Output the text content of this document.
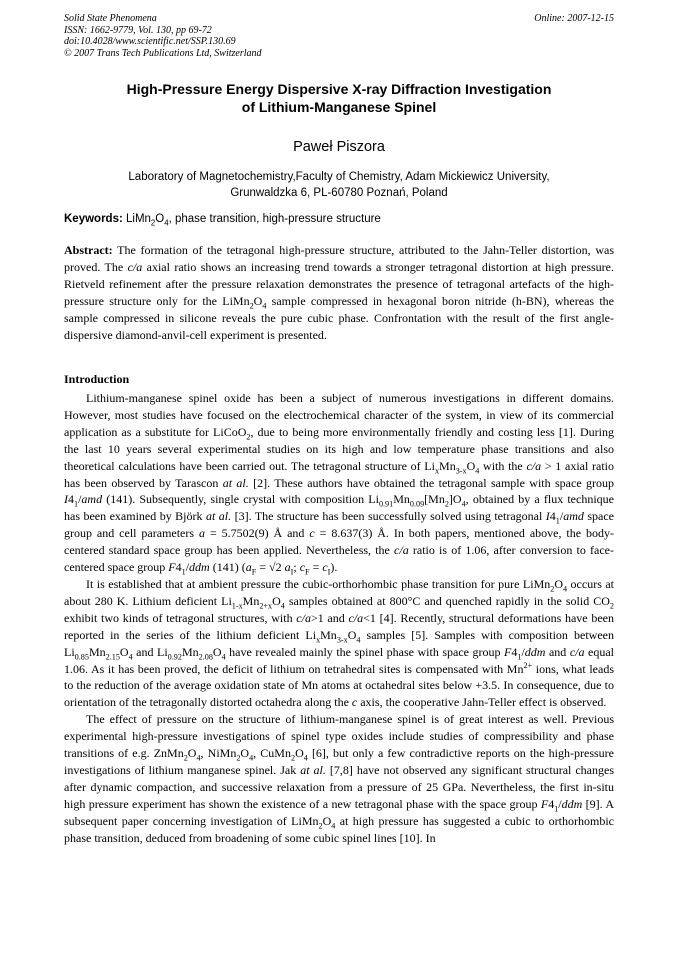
Solid State Phenomena
ISSN: 1662-9779, Vol. 130, pp 69-72
doi:10.4028/www.scientific.net/SSP.130.69
© 2007 Trans Tech Publications Ltd, Switzerland
Online: 2007-12-15
High-Pressure Energy Dispersive X-ray Diffraction Investigation
of Lithium-Manganese Spinel
Paweł Piszora
Laboratory of Magnetochemistry,Faculty of Chemistry, Adam Mickiewicz University,
Grunwaldzka 6, PL-60780 Poznań, Poland
Keywords: $LiMn_2O_4$, phase transition, high-pressure structure
Abstract: The formation of the tetragonal high-pressure structure, attributed to the Jahn-Teller distortion, was proved. The c/a axial ratio shows an increasing trend towards a stronger tetragonal distortion at high pressure. Rietveld refinement after the pressure relaxation demonstrates the presence of tetragonal artefacts of the high-pressure structure only for the $LiMn_2O_4$ sample compressed in hexagonal boron nitride (h-BN), whereas the sample compressed in silicone reveals the pure cubic phase. Confrontation with the result of the first angle-dispersive diamond-anvil-cell experiment is presented.
Introduction

Lithium-manganese spinel oxide has been a subject of numerous investigations in different domains. However, most studies have focused on the electrochemical character of the system, in view of its commercial application as a substitute for LiCoO$_2$, due to being more environmentally friendly and costing less [1]. During the last 10 years several experimental studies on its high and low temperature phase transitions and also theoretical calculations have been carried out. The tetragonal structure of $Li_xMn_{3-x}O_4$ with the c/a > 1 axial ratio has been observed by Tarascon at al. [2]. These authors have obtained the tetragonal sample with space group $I4_1$/amd (141). Subsequently, single crystal with composition $Li_{0.91}Mn_{0.09}[Mn_2]O_4$, obtained by a flux technique has been examined by Björk at al. [3]. The structure has been successfully solved using tetragonal $I4_1$/amd space group and cell parameters a = 5.7502(9) Å and c = 8.637(3) Å. In both papers, mentioned above, the body-centered standard space group has been applied. Nevertheless, the c/a ratio is of 1.06, after conversion to face-centered space group $F4_1$/ddm (141) ($a_F = √2$ $a_I$; $c_F = c_I$).

It is established that at ambient pressure the cubic-orthorhombic phase transition for pure $LiMn_2O_4$ occurs at about 280 K. Lithium deficient $Li_{1-x}Mn_{2+x}O_4$ samples obtained at 800°C and quenched rapidly in the solid $CO_2$ exhibit two kinds of tetragonal structures, with c/a>1 and c/a<1 [4]. Recently, structural deformations have been reported in the series of the lithium deficient $Li_xMn_{3-x}O_4$ samples [5]. Samples with composition between $Li_{0.85}Mn_{2.15}O_4$ and $Li_{0.92}Mn_{2.08}O_4$ have revealed mainly the spinel phase with space group $F4_1$/ddm and c/a equal 1.06. As it has been proved, the deficit of lithium on tetrahedral sites is compensated with $Mn^{2+}$ ions, what leads to the reduction of the average oxidation state of Mn atoms at octahedral sites below +3.5. In consequence, due to orientation of the tetragonally distorted octahedra along the c axis, the cooperative Jahn-Teller effect is observed.

The effect of pressure on the structure of lithium-manganese spinel is of great interest as well. Previous experimental high-pressure investigations of spinel type oxides include studies of compressibility and phase transitions of e.g. $ZnMn_2O_4$, $NiMn_2O_4$, $CuMn_2O_4$ [6], but only a few contradictive reports on the high-pressure investigations of lithium manganese spinel. Jak at al. [7,8] have not observed any significant structural changes after dynamic compaction, and successive relaxation from a pressure of 25 GPa. Nevertheless, the first in-situ high pressure experiment has shown the existence of a new tetragonal phase with the space group $F4_1$/ddm [9]. A subsequent paper concerning investigation of $LiMn_2O_4$ at high pressure has suggested a cubic to orthorhombic phase transition, deduced from broadening of some cubic spinel lines [10]. In
